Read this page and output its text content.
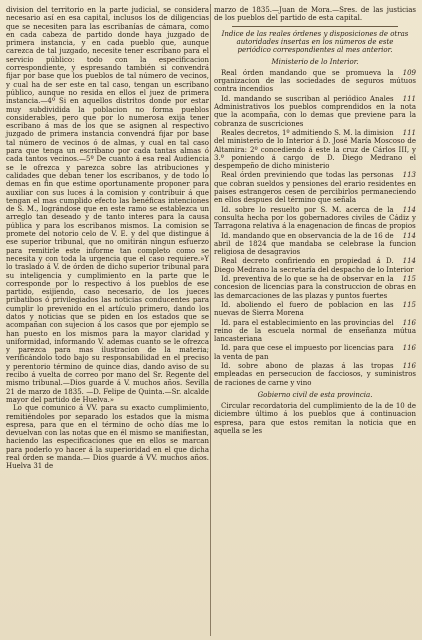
division del territorio en la parte judicial, se considera necesario así en esa capital, inclusos los de diligencias que se necesiten para las escribanías de cámara, como en cada cabeza de partido donde haya juzgado de primera instancia, y en cada pueblo que, aunque carezca de tal juzgado, necesite tener escribano para el servicio público: todo con la especificacion correspondiente, y espresando también si convendrá fijar por base que los pueblos de tal número de vecinos, y cual ha de ser este en tal caso, tengan un escribano público, aunque no resida en ellos el juez de primera instancia.—4º Si en aquellos distritos donde por estar muy subdividida la poblacion no forma pueblos considerables, pero que por lo numerosa exija tener escribano á mas de los que se asignen al respectivo juzgado de primera instancia convendrá fijar por base tal número de vecinos ó de almas, y cual en tal caso para que tenga un escribano por cada tantas almas ó cada tantos vecinos.—5º De cuanto á esa real Audiencia se le ofrezca y parezca sobre las atribuciones y calidades que deban tener los escribanos, y de todo lo demas en fin que estime oportunamente proponer para auxiliar con sus luces á la comision y contribuir á que tengan el mas cumplido efecto las benéficas intenciones de S. M., lográndose que en este ramo se establezca un arreglo tan deseado y de tanto interes para la causa pública y para los escribanos mismos. La comision se promete del notorio celo de V. E. y del que distingue á ese superior tribunal, que no omitirán ningun esfuerzo para remitirle este informe tan completo como se necesita y con toda la urgencia que el caso requiere.»Y lo traslado á V. de órden de dicho superior tribunal para su inteligencia y cumplimiento en la parte que le corresponde por lo respectivo á los pueblos de ese partido, esijiendo, caso necesario, de los jueces pribatibos ó privilegiados las noticias conducentes para cumplir lo prevenido en el artículo primero, dando los datos y noticias que se piden en los estados que se acompañan con sujecion á los casos que por ejemplo se han puesto en los mismos para la mayor claridad y uniformidad, informando V. ademas cuanto se le ofrezca y parezca para mas ilustracion de la materia; verificándolo todo bajo su responsabilidad en el preciso y perentorio término de quince dias, dando aviso de su recibo á vuelta de correo por mano del Sr. Regente del mismo tribunal.—Dios guarde á V. muchos años. Sevilla 21 de marzo de 1835. —D. Felipe de Quinta.—Sr. alcalde mayor del partido de Huelva.»

Lo que comunico á VV. para su exacto cumplimiento, remitiéndoles por separado los estados que la misma espresa, para que en el término de ocho días me lo devuelvan con las notas que en él mismo se manifiestan, haciendo las especificaciones que en ellos se marcan para poderlo yo hacer á la superioridad en el que dicha real órden se manda.— Dios guarde á VV. muchos años. Huelva 31 de

marzo de 1835.—Juan de Mora.—Sres. de las justicias de los pueblos del partido de esta capital.

Indice de las reales órdenes y disposiciones de otras autoridades insertas en los números de este periódico correspondientes al mes anterior.
Ministerio de lo Interior.
109
Real órden mandando que se promueva la organizacion de las sociedades de seguros mútuos contra incendios
111
Id. mandando se suscriban al periódico Anales Administrativos los pueblos comprendidos en la nota que la acompaña, con lo demas que previene para la cobranza de suscriciones
111
Reales decretos, 1º admitiendo S. M. la dimision del ministerio de lo Interior á D. José María Moscoso de Altamira: 2º concediendo á este la cruz de Cárlos III, y 3.º poniendo á cargo de D. Diego Medrano el despempeño de dicho ministerio
113
Real órden previniendo que todas las personas que cobran sueldos y pensiones del erario residentes en paises estrangeros cesen de percibirlos permaneciendo en ellos despues del término que señala
114
Id. sobre lo resuelto por S. M. acerca de la consulta hecha por los gobernadores civiles de Cádiz y Tarragona relativa á la enagenacion de fincas de propios
114
Id. mandando que en observancia de la de 16 de abril de 1824 que mandaba se celebrase la funcion religiosa de desagravios
114
Real decreto confiriendo en propiedad á D. Diego Medrano la secretaría del despacho de lo Interior
115
Id. preventiva de lo que se ha de observar en la concesion de licencias para la construccion de obras en las demarcaciones de las plazas y puntos fuertes
115
Id. aboliendo el fuero de poblacion en las nuevas de Sierra Morena
116
Id. para el establecimiento en las provincias del reino de la escuela normal de enseñanza mútua lancasteriana
116
Id. para que cese el impuesto por licencias para la venta de pan
116
Id. sobre abono de plazas á las tropas empleadas en persecucion de facciosos, y suministros de raciones de carne y vino
Gobierno civil de esta provincia.

Circular recordatoria del cumplimiento de la de 10 de diciembre último á los pueblos que á continuacion espresa, para que estos remitan la noticia que en aquella se les
